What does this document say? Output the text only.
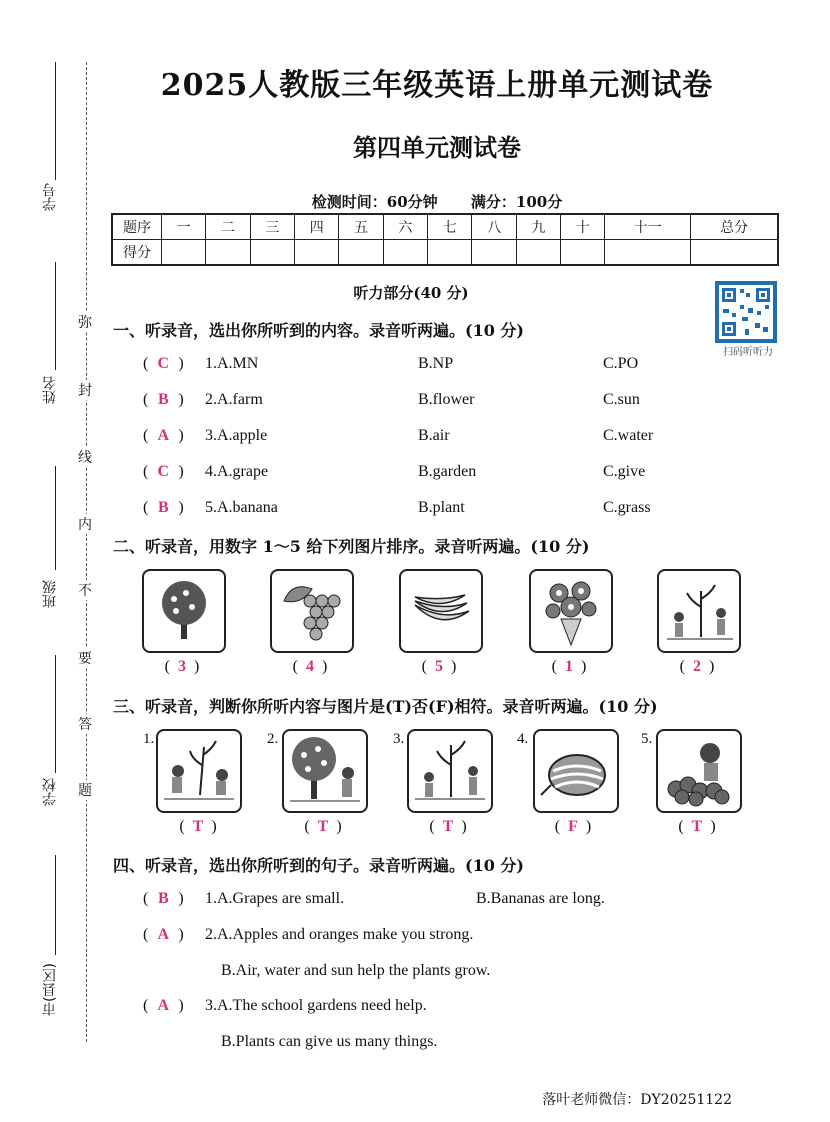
学号
姓名
班级
学校
市(县区)
弥
封
线
内
不
要
答
题
2025人教版三年级英语上册单元测试卷
第四单元测试卷
检测时间：60分钟 满分：100分
题序	一	二	三	四	五	六	七	八	九	十	十一	总分
得分												
听力部分(40 分)
扫码听听力
一、听录音，选出你所听到的内容。录音听两遍。(10 分)
( C ) 1.A.MN	B.NP	C.PO
( B ) 2.A.farm	B.flower	C.sun
( A ) 3.A.apple	B.air	C.water
( C ) 4.A.grape	B.garden	C.give
( B ) 5.A.banana	B.plant	C.grass
二、听录音，用数字 1～5 给下列图片排序。录音听两遍。(10 分)
(  3  )	(  4  )	(  5  )	(  1  )	(  2  )
三、听录音，判断你所听内容与图片是(T)否(F)相符。录音听两遍。(10 分)
1.	2.	3.	4.	5.
(  T  )	(  T  )	(  T  )	(  F  )	(  T  )
四、听录音，选出你所听到的句子。录音听两遍。(10 分)
( B ) 1.A.Grapes are small.	B.Bananas are long.
( A ) 2.A.Apples and oranges make you strong.
B.Air, water and sun help the plants grow.
( A ) 3.A.The school gardens need help.
B.Plants can give us many things.
落叶老师微信：DY20251122
